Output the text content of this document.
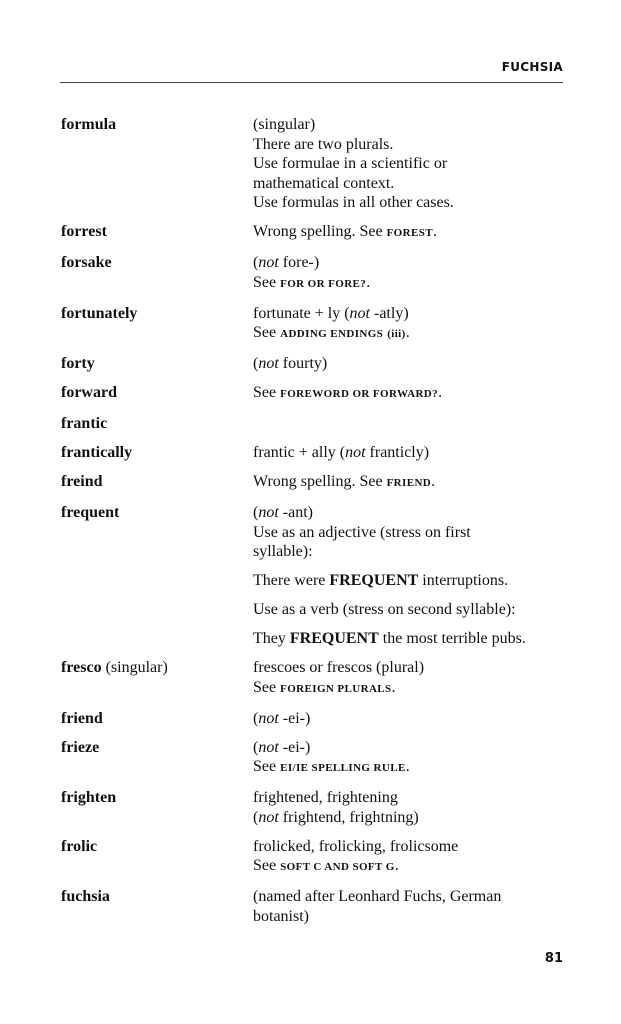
FUCHSIA
formula	(singular)
There are two plurals.
Use formulae in a scientific or
mathematical context.
Use formulas in all other cases.
forrest	Wrong spelling. See FOREST.
forsake	(not fore-)
See FOR OR FORE?.
fortunately	fortunate + ly (not -atly)
See ADDING ENDINGS (iii).
forty	(not fourty)
forward	See FOREWORD OR FORWARD?.
frantic
frantically	frantic + ally (not franticly)
freind	Wrong spelling. See FRIEND.
frequent	(not -ant)
Use as an adjective (stress on first
syllable):
There were FREQUENT interruptions.
Use as a verb (stress on second syllable):
They FREQUENT the most terrible pubs.
fresco (singular)	frescoes or frescos (plural)
See FOREIGN PLURALS.
friend	(not -ei-)
frieze	(not -ei-)
See EI/IE SPELLING RULE.
frighten	frightened, frightening
(not frightend, frightning)
frolic	frolicked, frolicking, frolicsome
See SOFT C AND SOFT G.
fuchsia	(named after Leonhard Fuchs, German
botanist)
81
